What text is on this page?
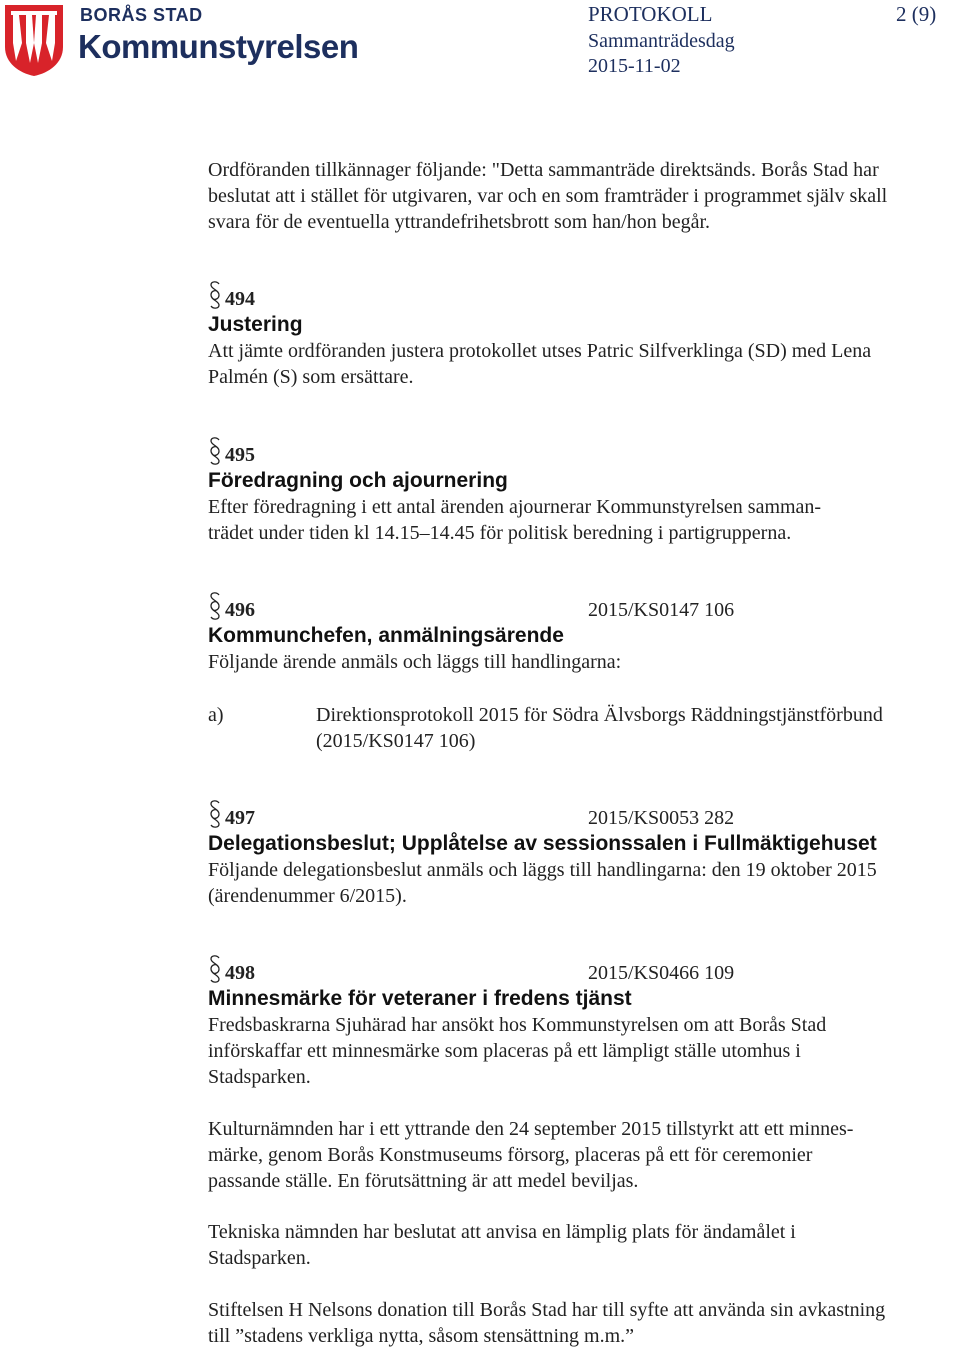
BORÅS STAD
Kommunstyrelsen
PROTOKOLL	2 (9)
Sammanträdesdag
2015-11-02
Ordföranden tillkännager följande: "Detta sammanträde direktsänds. Borås Stad har
beslutat att i stället för utgivaren, var och en som framträder i programmet själv skall
svara för de eventuella yttrandefrihetsbrott som han/hon begår.
494
Justering
Att jämte ordföranden justera protokollet utses Patric Silfverklinga (SD) med Lena
Palmén (S) som ersättare.
495
Föredragning och ajournering
Efter föredragning i ett antal ärenden ajournerar Kommunstyrelsen samman-
trädet under tiden kl 14.15–14.45 för politisk beredning i partigrupperna.
496	2015/KS0147 106
Kommunchefen, anmälningsärende
Följande ärende anmäls och läggs till handlingarna:
a)	Direktionsprotokoll 2015 för Södra Älvsborgs Räddningstjänstförbund
(2015/KS0147 106)
497	2015/KS0053 282
Delegationsbeslut; Upplåtelse av sessionssalen i Fullmäktigehuset
Följande delegationsbeslut anmäls och läggs till handlingarna: den 19 oktober 2015
(ärendenummer 6/2015).
498	2015/KS0466 109
Minnesmärke för veteraner i fredens tjänst
Fredsbaskrarna Sjuhärad har ansökt hos Kommunstyrelsen om att Borås Stad
införskaffar ett minnesmärke som placeras på ett lämpligt ställe utomhus i
Stadsparken.
Kulturnämnden har i ett yttrande den 24 september 2015 tillstyrkt att ett minnes-
märke, genom Borås Konstmuseums försorg, placeras på ett för ceremonier
passande ställe. En förutsättning är att medel beviljas.
Tekniska nämnden har beslutat att anvisa en lämplig plats för ändamålet i
Stadsparken.
Stiftelsen H Nelsons donation till Borås Stad har till syfte att använda sin avkastning
till ”stadens verkliga nytta, såsom stensättning m.m.”
